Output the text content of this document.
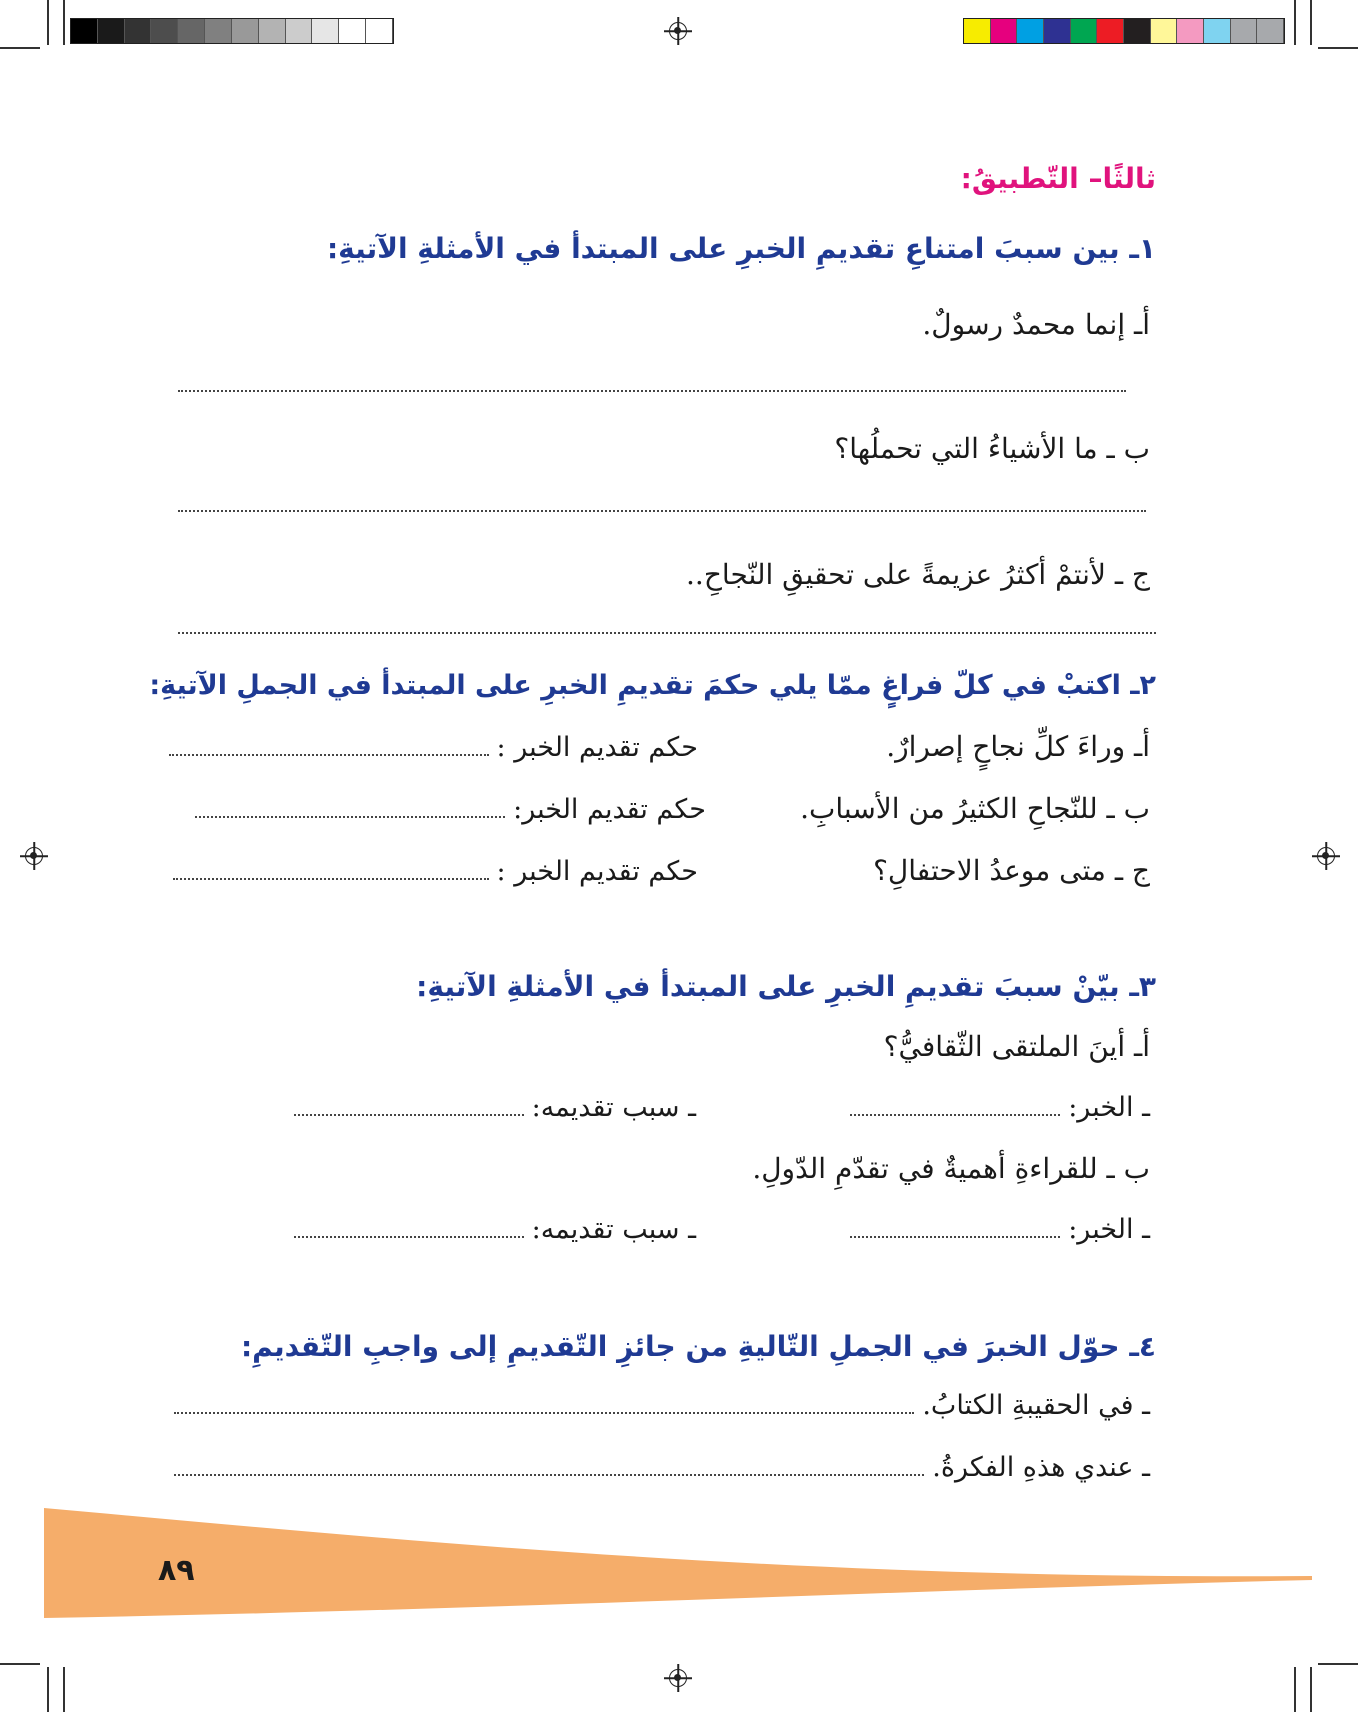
ثالثًا– التّطبيقُ:
١ـ بين سببَ امتناعِ تقديمِ الخبرِ على المبتدأ في الأمثلةِ الآتيةِ:
أـ إنما محمدٌ رسولٌ.
ب ـ ما الأشياءُ التي تحملُها؟
ج ـ لأنتمْ أكثرُ عزيمةً على تحقيقِ النّجاحِ..
٢ـ اكتبْ في كلّ فراغٍ ممّا يلي حكمَ تقديمِ الخبرِ على المبتدأ في الجملِ الآتيةِ:
أـ وراءَ كلِّ نجاحٍ إصرارٌ.
حكم تقديم الخبر :
ب ـ للنّجاحِ الكثيرُ من الأسبابِ.
حكم تقديم الخبر:
ج ـ متى موعدُ الاحتفالِ؟
حكم تقديم الخبر :
٣ـ بيّنْ سببَ تقديمِ الخبرِ على المبتدأ في الأمثلةِ الآتيةِ:
أـ أينَ الملتقى الثّقافيُّ؟
ـ الخبر:
ـ سبب تقديمه:
ب ـ للقراءةِ أهميةٌ في تقدّمِ الدّولِ.
ـ الخبر:
ـ سبب تقديمه:
٤ـ حوّل الخبرَ في الجملِ التّاليةِ من جائزِ التّقديمِ إلى واجبِ التّقديمِ:
ـ في الحقيبةِ الكتابُ.
ـ عندي هذهِ الفكرةُ.
٨٩
